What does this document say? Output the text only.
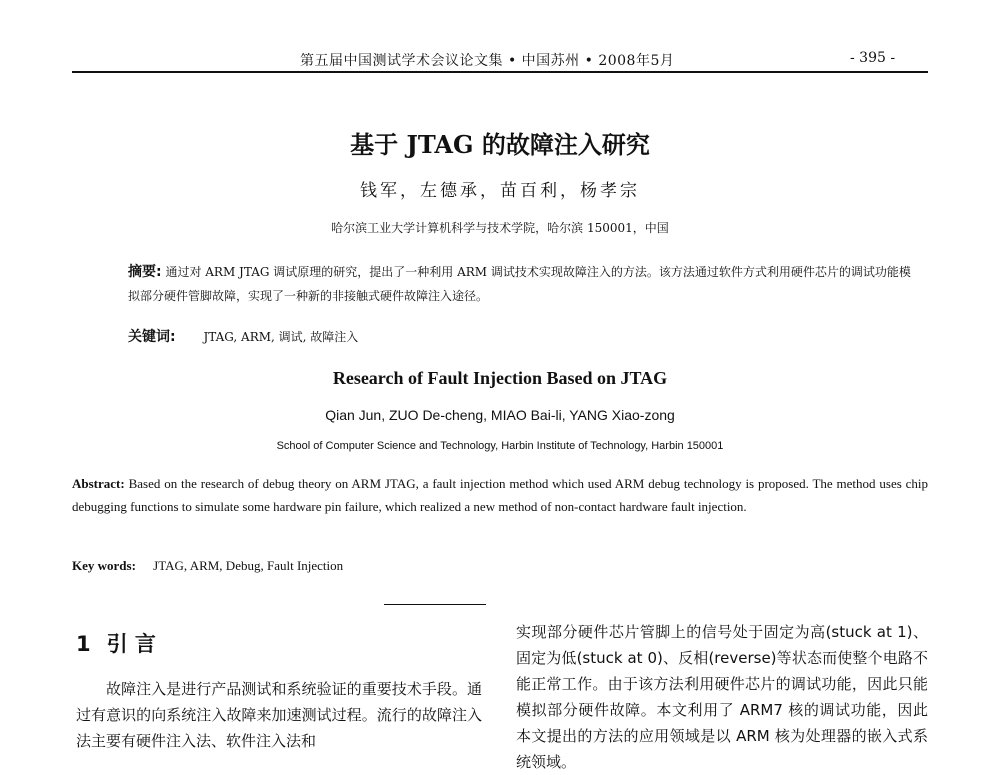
第五届中国测试学术会议论文集 • 中国苏州 • 2008年5月	- 395 -
基于 JTAG 的故障注入研究
钱军，左德承，苗百利，杨孝宗
哈尔滨工业大学计算机科学与技术学院，哈尔滨 150001，中国
摘要: 通过对 ARM JTAG 调试原理的研究，提出了一种利用 ARM 调试技术实现故障注入的方法。该方法通过软件方式利用硬件芯片的调试功能模拟部分硬件管脚故障，实现了一种新的非接触式硬件故障注入途径。
关键词: JTAG, ARM, 调试, 故障注入
Research of Fault Injection Based on JTAG
Qian Jun, ZUO De-cheng, MIAO Bai-li, YANG Xiao-zong
School of Computer Science and Technology, Harbin Institute of Technology, Harbin 150001
Abstract: Based on the research of debug theory on ARM JTAG, a fault injection method which used ARM debug technology is proposed. The method uses chip debugging functions to simulate some hardware pin failure, which realized a new method of non-contact hardware fault injection.
Key words: JTAG, ARM, Debug, Fault Injection
1 引 言
故障注入是进行产品测试和系统验证的重要技术手段。通过有意识的向系统注入故障来加速测试过程。流行的故障注入法主要有硬件注入法、软件注入法和
实现部分硬件芯片管脚上的信号处于固定为高(stuck at 1)、固定为低(stuck at 0)、反相(reverse)等状态而使整个电路不能正常工作。由于该方法利用硬件芯片的调试功能，因此只能模拟部分硬件故障。本文利用了 ARM7 核的调试功能，因此本文提出的方法的应用领域是以 ARM 核为处理器的嵌入式系统领域。
